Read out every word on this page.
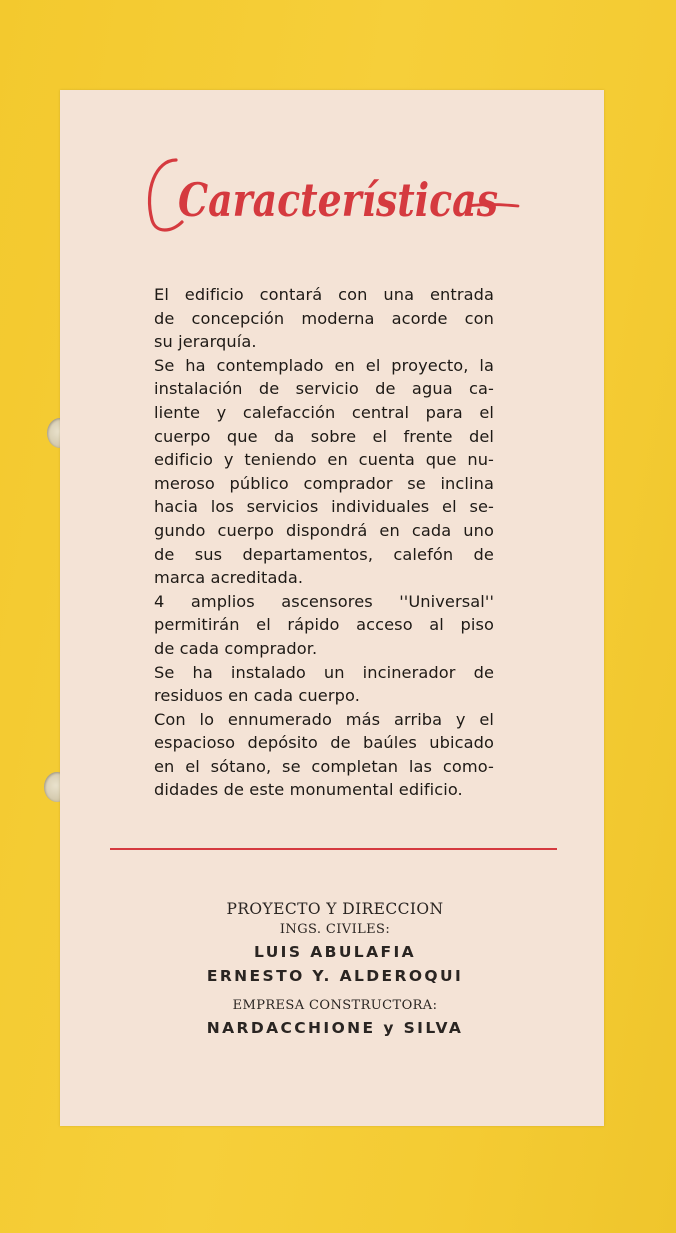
Características
El edificio contará con una entrada
de concepción moderna acorde con
su jerarquía.
Se ha contemplado en el proyecto, la
instalación de servicio de agua ca-
liente y calefacción central para el
cuerpo que da sobre el frente del
edificio y teniendo en cuenta que nu-
meroso público comprador se inclina
hacia los servicios individuales el se-
gundo cuerpo dispondrá en cada uno
de sus departamentos, calefón de
marca acreditada.
4 amplios ascensores ''Universal''
permitirán el rápido acceso al piso
de cada comprador.
Se ha instalado un incinerador de
residuos en cada cuerpo.
Con lo ennumerado más arriba y el
espacioso depósito de baúles ubicado
en el sótano, se completan las como-
didades de este monumental edificio.
PROYECTO Y DIRECCION
INGS. CIVILES:
LUIS ABULAFIA
ERNESTO Y. ALDEROQUI
EMPRESA CONSTRUCTORA:
NARDACCHIONE y SILVA
